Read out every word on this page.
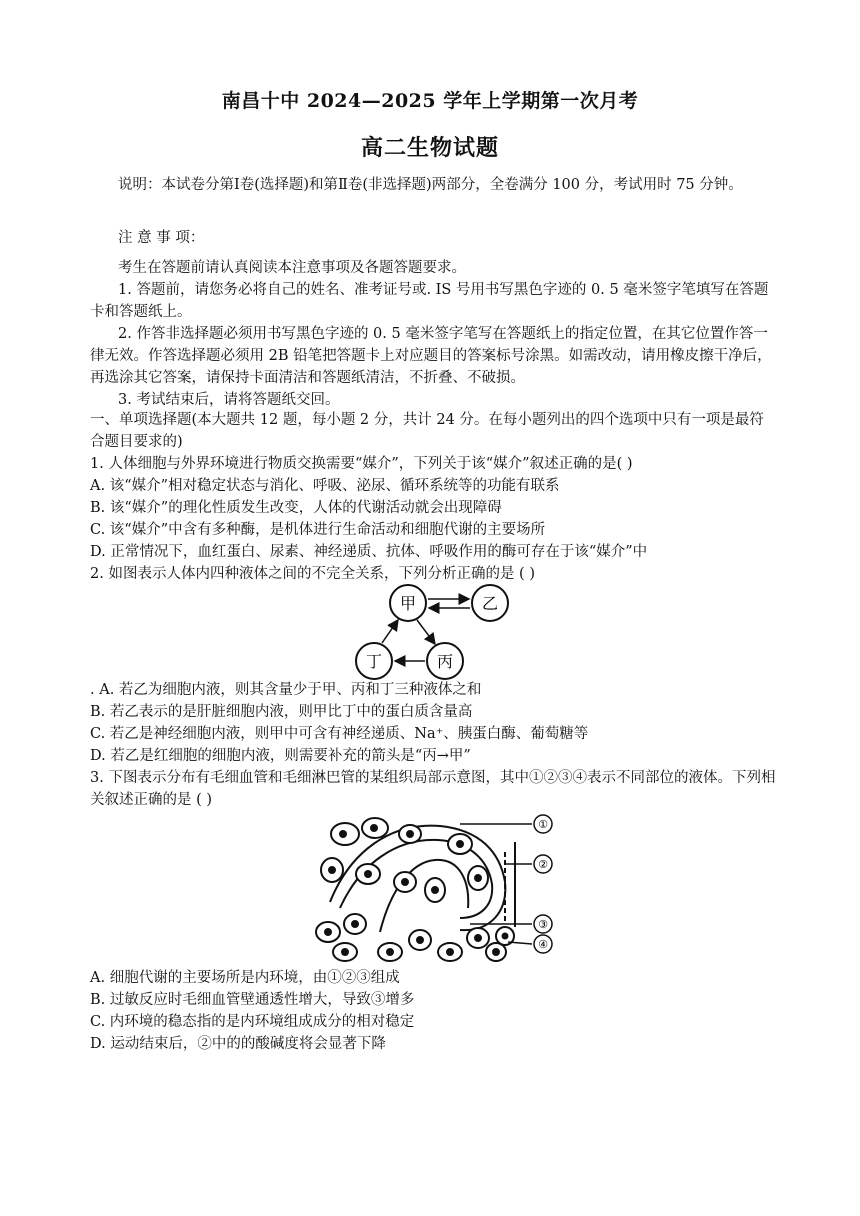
南昌十中 2024—2025 学年上学期第一次月考
高二生物试题

说明：本试卷分第Ⅰ卷(选择题)和第Ⅱ卷(非选择题)两部分，全卷满分 100 分，考试用时 75 分钟。

注 意 事 项：

考生在答题前请认真阅读本注意事项及各题答题要求。

1. 答题前，请您务必将自己的姓名、准考证号或. IS 号用书写黑色字迹的 0. 5 毫米签字笔填写在答题卡和答题纸上。

2. 作答非选择题必须用书写黑色字迹的 0. 5 毫米签字笔写在答题纸上的指定位置，在其它位置作答一律无效。作答选择题必须用 2B 铅笔把答题卡上对应题目的答案标号涂黑。如需改动，请用橡皮擦干净后，再选涂其它答案，请保持卡面清洁和答题纸清洁，不折叠、不破损。

3. 考试结束后，请将答题纸交回。

一、单项选择题(本大题共 12 题，每小题 2 分，共计 24 分。在每小题列出的四个选项中只有一项是最符合题目要求的)

1. 人体细胞与外界环境进行物质交换需要“媒介”，下列关于该“媒介”叙述正确的是( )

A. 该“媒介”相对稳定状态与消化、呼吸、泌尿、循环系统等的功能有联系

B. 该“媒介”的理化性质发生改变，人体的代谢活动就会出现障碍

C. 该“媒介”中含有多种酶，是机体进行生命活动和细胞代谢的主要场所

D. 正常情况下，血红蛋白、尿素、神经递质、抗体、呼吸作用的酶可存在于该“媒介”中

2. 如图表示人体内四种液体之间的不完全关系，下列分析正确的是 ( )

甲	乙
丁	丙

. A. 若乙为细胞内液，则其含量少于甲、丙和丁三种液体之和

B. 若乙表示的是肝脏细胞内液，则甲比丁中的蛋白质含量高

C. 若乙是神经细胞内液，则甲中可含有神经递质、Na⁺、胰蛋白酶、葡萄糖等

D. 若乙是红细胞的细胞内液，则需要补充的箭头是“丙→甲”

3. 下图表示分布有毛细血管和毛细淋巴管的某组织局部示意图，其中①②③④表示不同部位的液体。下列相关叙述正确的是 ( )

①
②
③
④

A. 细胞代谢的主要场所是内环境，由①②③组成

B. 过敏反应时毛细血管壁通透性增大，导致③增多

C. 内环境的稳态指的是内环境组成成分的相对稳定

D. 运动结束后，②中的的酸碱度将会显著下降
